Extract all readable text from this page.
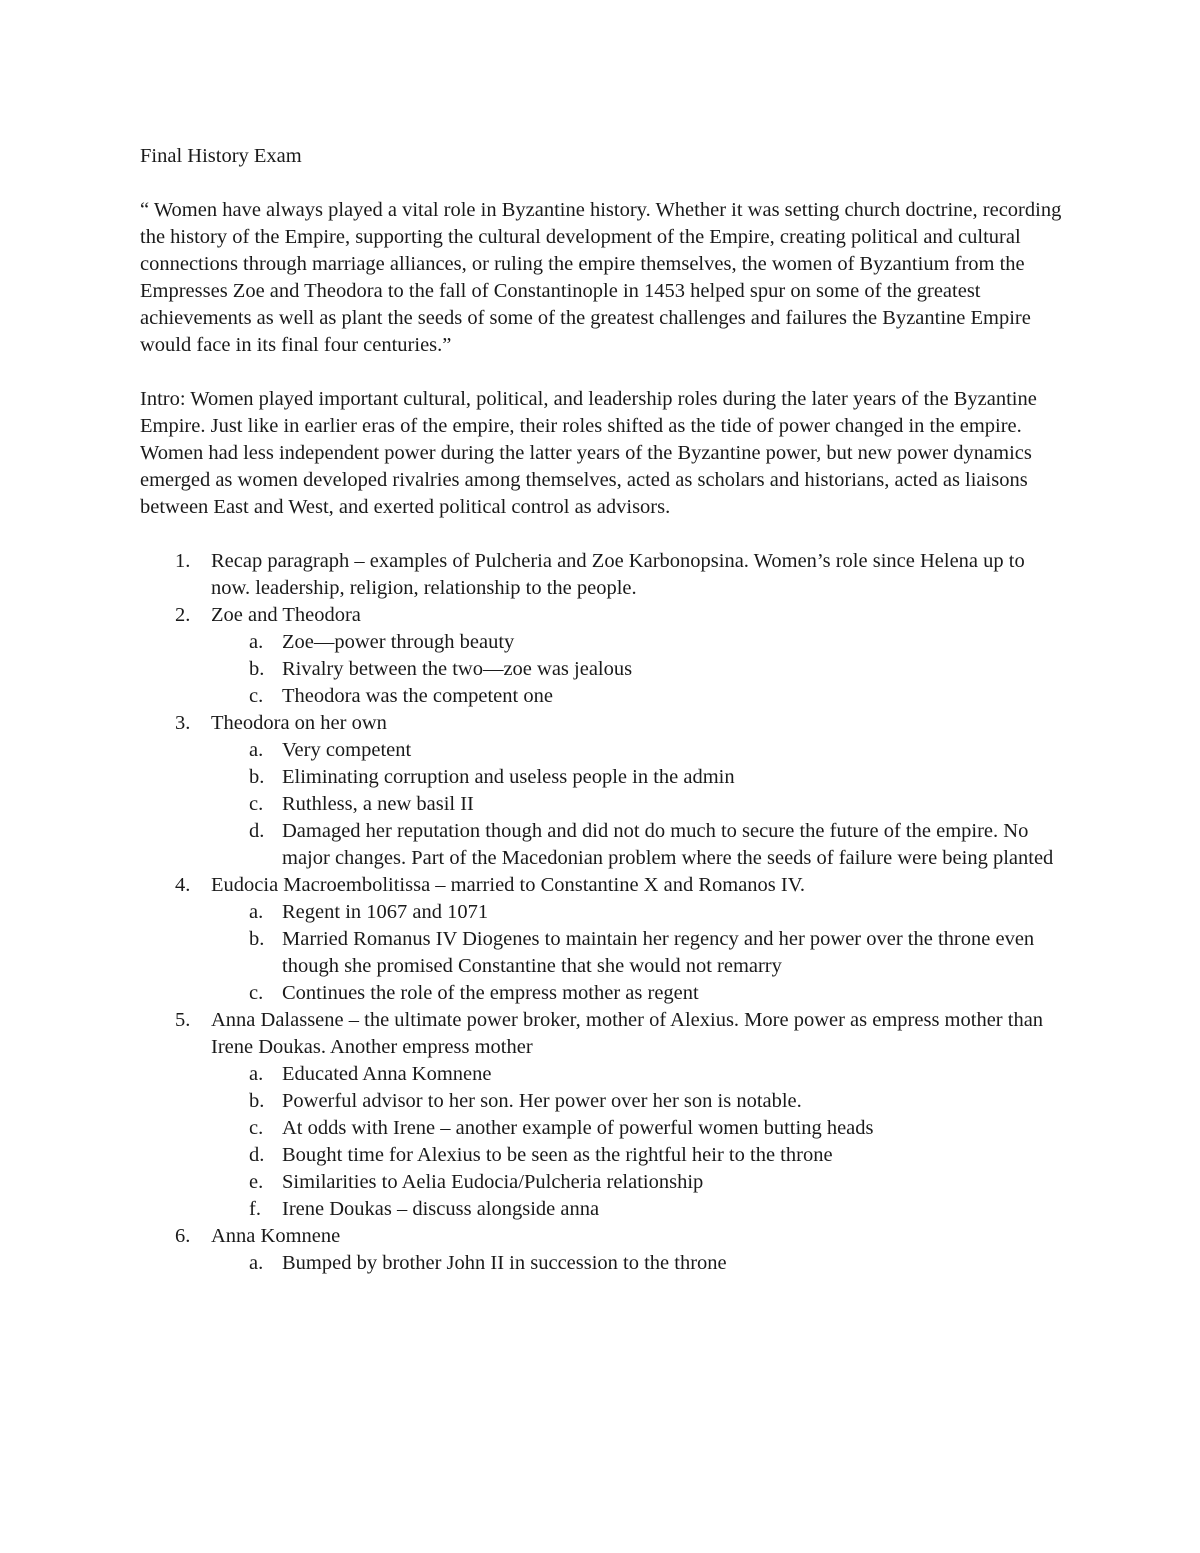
Final History Exam
“ Women have always played a vital role in Byzantine history. Whether it was setting church doctrine, recording the history of the Empire, supporting the cultural development of the Empire, creating political and cultural connections through marriage alliances, or ruling the empire themselves, the women of Byzantium from the Empresses Zoe and Theodora to the fall of Constantinople in 1453 helped spur on some of the greatest achievements as well as plant the seeds of some of the greatest challenges and failures the Byzantine Empire would face in its final four centuries.”
Intro: Women played important cultural, political, and leadership roles during the later years of the Byzantine Empire. Just like in earlier eras of the empire, their roles shifted as the tide of power changed in the empire. Women had less independent power during the latter years of the Byzantine power, but new power dynamics emerged as women developed rivalries among themselves, acted as scholars and historians, acted as liaisons between East and West, and exerted political control as advisors.
1. Recap paragraph – examples of Pulcheria and Zoe Karbonopsina. Women’s role since Helena up to now. leadership, religion, relationship to the people.
2. Zoe and Theodora
a. Zoe—power through beauty
b. Rivalry between the two—zoe was jealous
c. Theodora was the competent one
3. Theodora on her own
a. Very competent
b. Eliminating corruption and useless people in the admin
c. Ruthless, a new basil II
d. Damaged her reputation though and did not do much to secure the future of the empire. No major changes. Part of the Macedonian problem where the seeds of failure were being planted
4. Eudocia Macroembolitissa – married to Constantine X and Romanos IV.
a. Regent in 1067 and 1071
b. Married Romanus IV Diogenes to maintain her regency and her power over the throne even though she promised Constantine that she would not remarry
c. Continues the role of the empress mother as regent
5. Anna Dalassene – the ultimate power broker, mother of Alexius. More power as empress mother than Irene Doukas. Another empress mother
a. Educated Anna Komnene
b. Powerful advisor to her son. Her power over her son is notable.
c. At odds with Irene – another example of powerful women butting heads
d. Bought time for Alexius to be seen as the rightful heir to the throne
e. Similarities to Aelia Eudocia/Pulcheria relationship
f. Irene Doukas – discuss alongside anna
6. Anna Komnene
a. Bumped by brother John II in succession to the throne
